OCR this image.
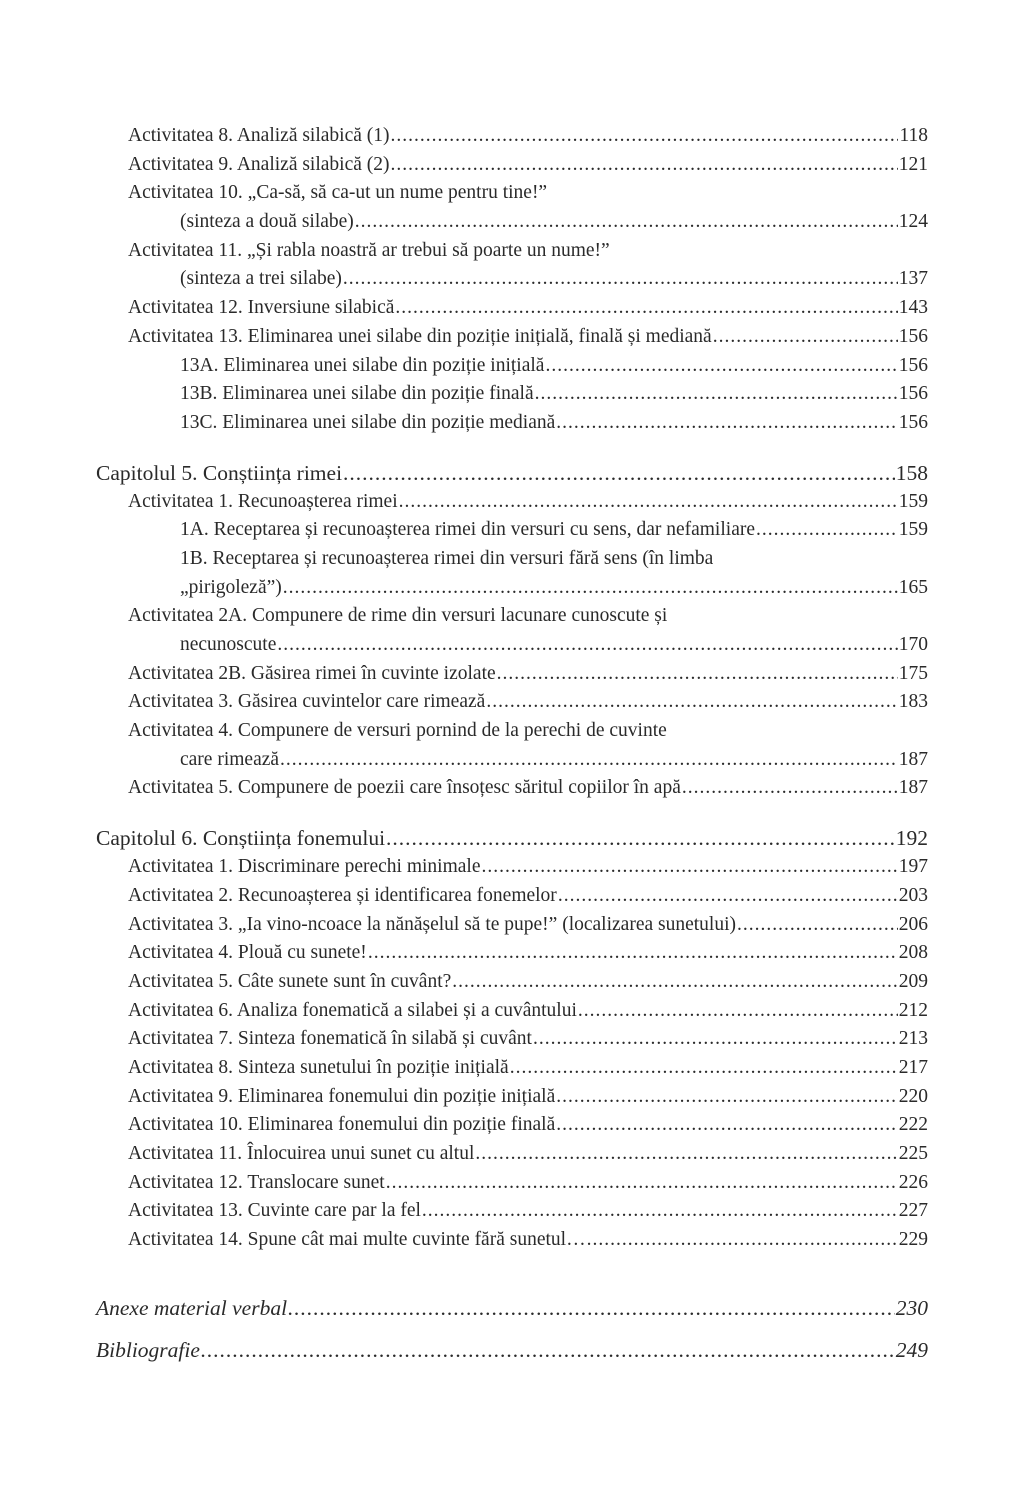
Activitatea 8. Analiză silabică (1) .....	118
Activitatea 9. Analiză silabică (2) .....	121
Activitatea 10. „Ca-să, să ca-ut un nume pentru tine!”
(sinteza a două silabe) .....	124
Activitatea 11. „Și rabla noastră ar trebui să poarte un nume!”
(sinteza a trei silabe) .....	137
Activitatea 12. Inversiune silabică .....	143
Activitatea 13. Eliminarea unei silabe din poziție inițială, finală și mediană .....	156
13A. Eliminarea unei silabe din poziție inițială .....	156
13B. Eliminarea unei silabe din poziție finală .....	156
13C. Eliminarea unei silabe din poziție mediană .....	156
Capitolul 5. Conștiința rimei .....	158
Activitatea 1. Recunoașterea rimei .....	159
1A. Receptarea și recunoașterea rimei din versuri cu sens, dar nefamiliare .....	159
1B. Receptarea și recunoașterea rimei din versuri fără sens (în limba
„pirigoleză”) .....	165
Activitatea 2A. Compunere de rime din versuri lacunare cunoscute și
necunoscute .....	170
Activitatea 2B. Găsirea rimei în cuvinte izolate .....	175
Activitatea 3. Găsirea cuvintelor care rimează .....	183
Activitatea 4. Compunere de versuri pornind de la perechi de cuvinte
care rimează .....	187
Activitatea 5. Compunere de poezii care însoțesc săritul copiilor în apă .....	187
Capitolul 6. Conștiința fonemului .....	192
Activitatea 1. Discriminare perechi minimale .....	197
Activitatea 2. Recunoașterea și identificarea fonemelor .....	203
Activitatea 3. „Ia vino-ncoace la nănășelul să te pupe!” (localizarea sunetului) .....	206
Activitatea 4. Plouă cu sunete! .....	208
Activitatea 5. Câte sunete sunt în cuvânt? .....	209
Activitatea 6. Analiza fonematică a silabei și a cuvântului .....	212
Activitatea 7. Sinteza fonematică în silabă și cuvânt .....	213
Activitatea 8. Sinteza sunetului în poziție inițială .....	217
Activitatea 9. Eliminarea fonemului din poziție inițială .....	220
Activitatea 10. Eliminarea fonemului din poziție finală .....	222
Activitatea 11. Înlocuirea unui sunet cu altul .....	225
Activitatea 12. Translocare sunet .....	226
Activitatea 13. Cuvinte care par la fel .....	227
Activitatea 14. Spune cât mai multe cuvinte fără sunetul… .....	229
Anexe material verbal .....	230
Bibliografie .....	249
